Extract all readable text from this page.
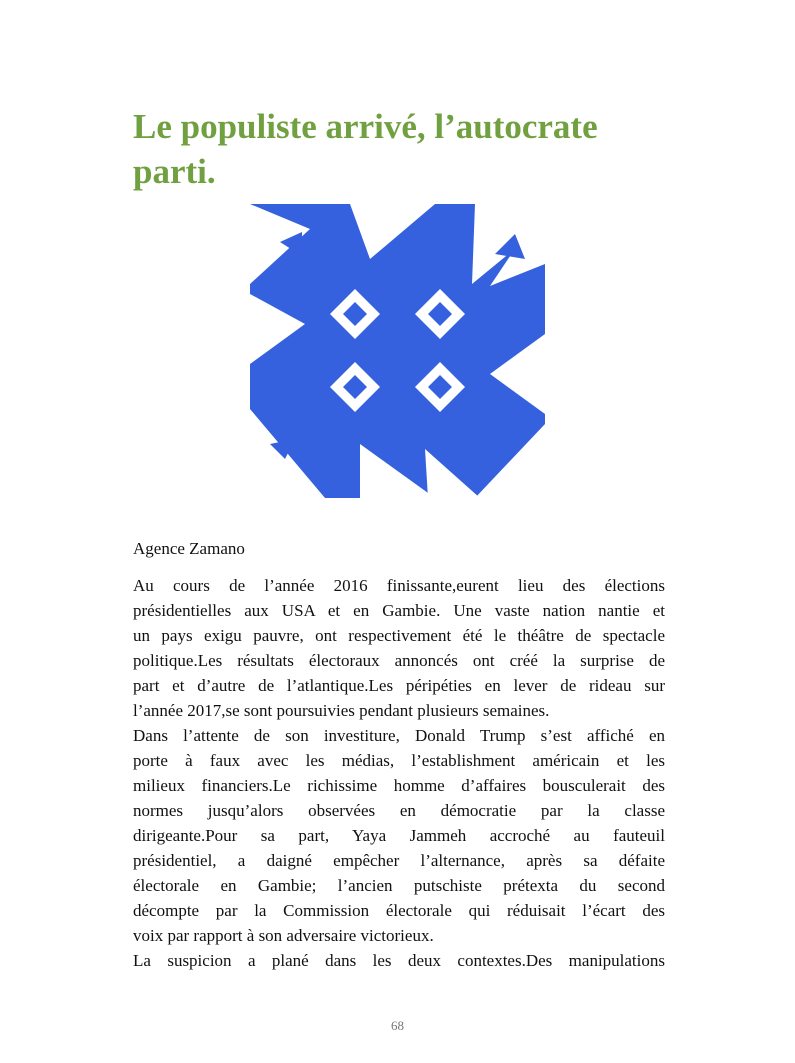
Le populiste arrivé, l’autocrate
parti.
Agence Zamano
Au cours de l’année 2016 finissante,eurent lieu des élections
présidentielles aux USA et en Gambie. Une vaste nation nantie et
un pays exigu pauvre, ont respectivement été le théâtre de spectacle
politique.Les résultats électoraux annoncés ont créé la surprise de
part et d’autre de l’atlantique.Les péripéties en lever de rideau sur
l’année 2017,se sont poursuivies pendant plusieurs semaines.
Dans l’attente de son investiture, Donald Trump s’est affiché en
porte à faux avec les médias, l’establishment américain et les
milieux financiers.Le richissime homme d’affaires bousculerait des
normes jusqu’alors observées en démocratie par la classe
dirigeante.Pour sa part, Yaya Jammeh accroché au fauteuil
présidentiel, a daigné empêcher l’alternance, après sa défaite
électorale en Gambie; l’ancien putschiste prétexta du second
décompte par la Commission électorale qui réduisait l’écart des
voix par rapport à son adversaire victorieux.
La suspicion a plané dans les deux contextes.Des manipulations
68
